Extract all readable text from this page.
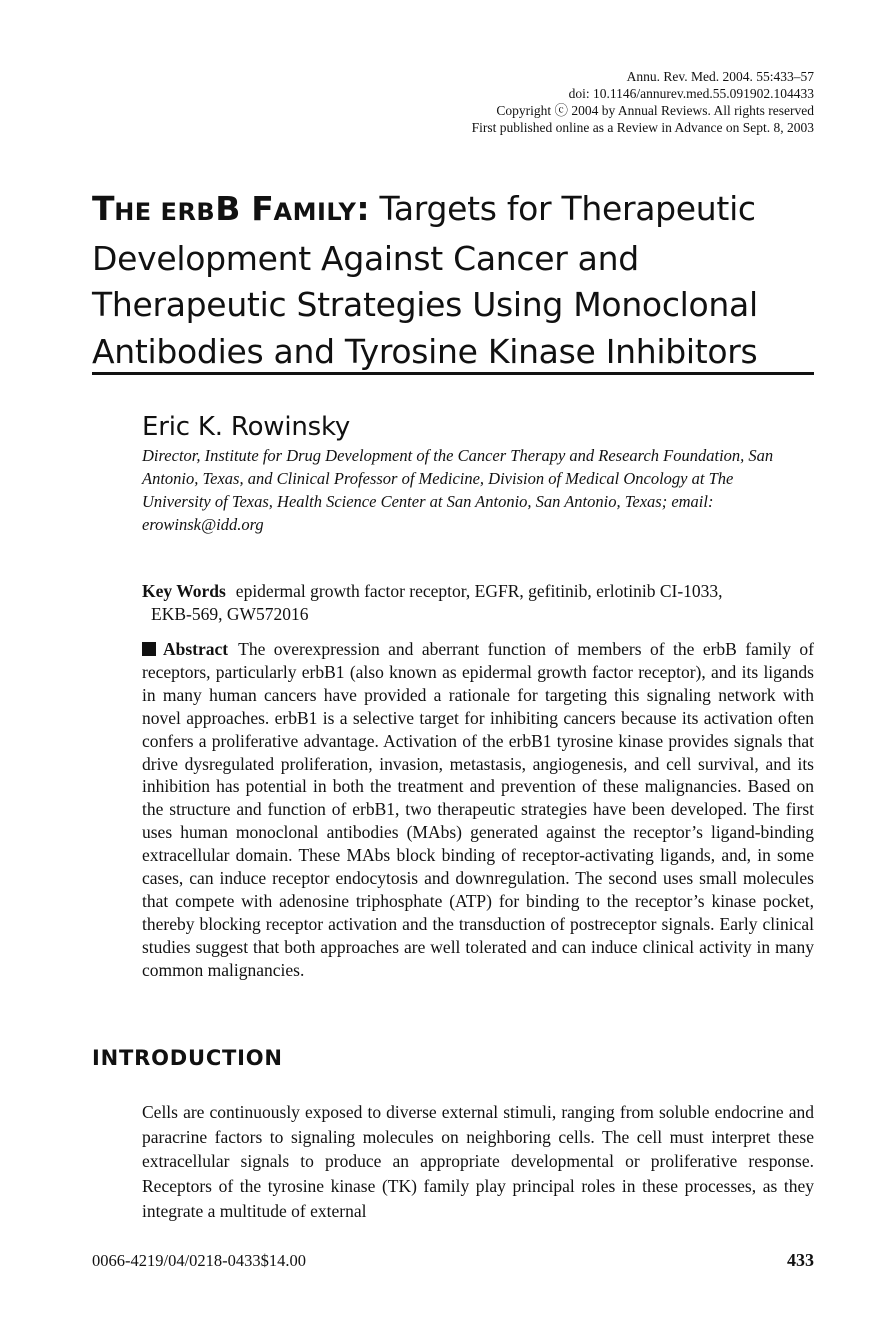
Annu. Rev. Med. 2004. 55:433–57
doi: 10.1146/annurev.med.55.091902.104433
Copyright ⓒ 2004 by Annual Reviews. All rights reserved
First published online as a Review in Advance on Sept. 8, 2003
THE ERBB FAMILY: Targets for Therapeutic Development Against Cancer and Therapeutic Strategies Using Monoclonal Antibodies and Tyrosine Kinase Inhibitors
Eric K. Rowinsky
Director, Institute for Drug Development of the Cancer Therapy and Research Foundation, San Antonio, Texas, and Clinical Professor of Medicine, Division of Medical Oncology at The University of Texas, Health Science Center at San Antonio, San Antonio, Texas; email: erowinsk@idd.org
Key Words epidermal growth factor receptor, EGFR, gefitinib, erlotinib CI-1033,
EKB-569, GW572016

Abstract The overexpression and aberrant function of members of the erbB family of receptors, particularly erbB1 (also known as epidermal growth factor receptor), and its ligands in many human cancers have provided a rationale for targeting this signaling network with novel approaches. erbB1 is a selective target for inhibiting cancers because its activation often confers a proliferative advantage. Activation of the erbB1 tyrosine kinase provides signals that drive dysregulated proliferation, invasion, metastasis, angiogenesis, and cell survival, and its inhibition has potential in both the treatment and prevention of these malignancies. Based on the structure and function of erbB1, two therapeutic strategies have been developed. The first uses human monoclonal antibodies (MAbs) generated against the receptor’s ligand-binding extracellular domain. These MAbs block binding of receptor-activating ligands, and, in some cases, can induce receptor endocytosis and downregulation. The second uses small molecules that compete with adenosine triphosphate (ATP) for binding to the receptor’s kinase pocket, thereby blocking receptor activation and the transduction of postreceptor signals. Early clinical studies suggest that both approaches are well tolerated and can induce clinical activity in many common malignancies.

INTRODUCTION

Cells are continuously exposed to diverse external stimuli, ranging from soluble endocrine and paracrine factors to signaling molecules on neighboring cells. The cell must interpret these extracellular signals to produce an appropriate developmental or proliferative response. Receptors of the tyrosine kinase (TK) family play principal roles in these processes, as they integrate a multitude of external

0066-4219/04/0218-0433$14.00	433
